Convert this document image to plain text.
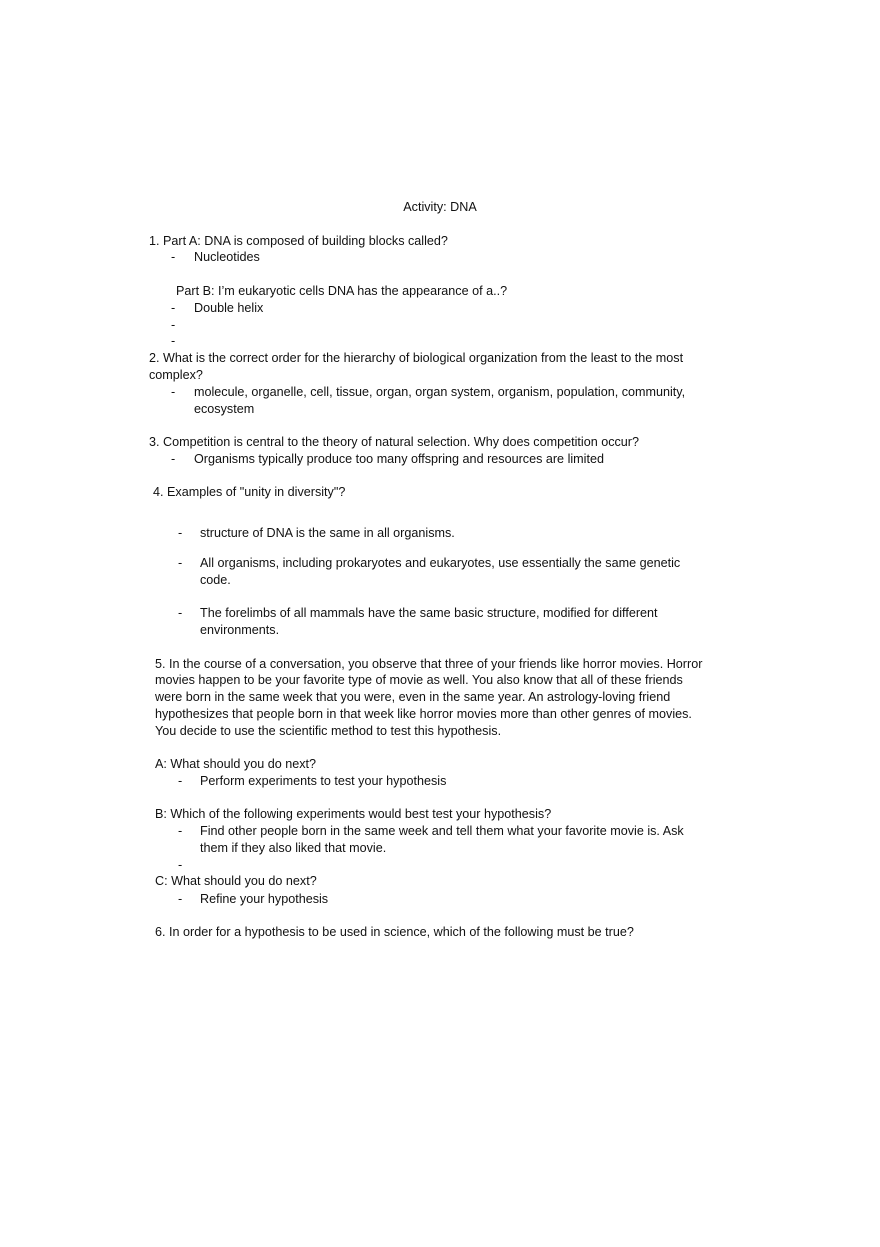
Activity: DNA
1. Part A: DNA is composed of building blocks called?
- Nucleotides
Part B: I’m eukaryotic cells DNA has the appearance of a..?
- Double helix
-
-
2. What is the correct order for the hierarchy of biological organization from the least to the most
complex?
- molecule, organelle, cell, tissue, organ, organ system, organism, population, community,
ecosystem
3. Competition is central to the theory of natural selection. Why does competition occur?
- Organisms typically produce too many offspring and resources are limited
4. Examples of "unity in diversity"?
- structure of DNA is the same in all organisms.
- All organisms, including prokaryotes and eukaryotes, use essentially the same genetic
code.
- The forelimbs of all mammals have the same basic structure, modified for different
environments.
5. In the course of a conversation, you observe that three of your friends like horror movies. Horror
movies happen to be your favorite type of movie as well. You also know that all of these friends
were born in the same week that you were, even in the same year. An astrology-loving friend
hypothesizes that people born in that week like horror movies more than other genres of movies.
You decide to use the scientific method to test this hypothesis.
A: What should you do next?
- Perform experiments to test your hypothesis
B: Which of the following experiments would best test your hypothesis?
- Find other people born in the same week and tell them what your favorite movie is. Ask
them if they also liked that movie.
-
C: What should you do next?
- Refine your hypothesis
6. In order for a hypothesis to be used in science, which of the following must be true?
